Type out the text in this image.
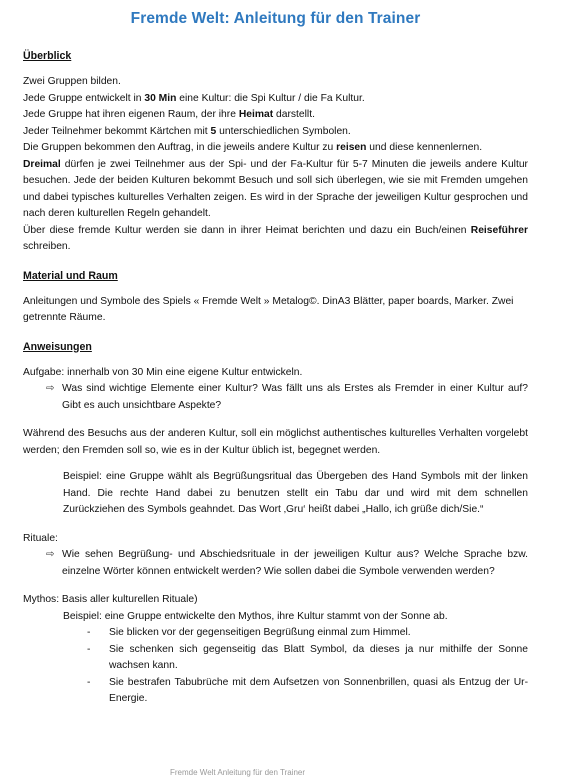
Fremde Welt: Anleitung für den Trainer
Überblick

Zwei Gruppen bilden.

Jede Gruppe entwickelt in 30 Min eine Kultur: die Spi Kultur / die Fa Kultur.

Jede Gruppe hat ihren eigenen Raum, der ihre Heimat darstellt.

Jeder Teilnehmer bekommt Kärtchen mit 5 unterschiedlichen Symbolen.

Die Gruppen bekommen den Auftrag, in die jeweils andere Kultur zu reisen und diese kennenlernen.

Dreimal dürfen je zwei Teilnehmer aus der Spi- und der Fa-Kultur für 5-7 Minuten die jeweils andere Kultur besuchen. Jede der beiden Kulturen bekommt Besuch und soll sich überlegen, wie sie mit Fremden umgehen und dabei typisches kulturelles Verhalten zeigen. Es wird in der Sprache der jeweiligen Kultur gesprochen und nach deren kulturellen Regeln gehandelt.

Über diese fremde Kultur werden sie dann in ihrer Heimat berichten und dazu ein Buch/einen Reiseführer schreiben.

Material und Raum

Anleitungen und Symbole des Spiels « Fremde Welt » Metalog©. DinA3 Blätter, paper boards, Marker. Zwei getrennte Räume.

Anweisungen

Aufgabe: innerhalb von 30 Min eine eigene Kultur entwickeln.

⇨ Was sind wichtige Elemente einer Kultur? Was fällt uns als Erstes als Fremder in einer Kultur auf? Gibt es auch unsichtbare Aspekte?

Während des Besuchs aus der anderen Kultur, soll ein möglichst authentisches kulturelles Verhalten vorgelebt werden; den Fremden soll so, wie es in der Kultur üblich ist, begegnet werden.

Beispiel: eine Gruppe wählt als Begrüßungsritual das Übergeben des Hand Symbols mit der linken Hand. Die rechte Hand dabei zu benutzen stellt ein Tabu dar und wird mit dem schnellen Zurückziehen des Symbols geahndet. Das Wort ‚Gru‘ heißt dabei „Hallo, ich grüße dich/Sie.“

Rituale:

⇨ Wie sehen Begrüßung- und Abschiedsrituale in der jeweiligen Kultur aus? Welche Sprache bzw. einzelne Wörter können entwickelt werden? Wie sollen dabei die Symbole verwenden werden?

Mythos: Basis aller kulturellen Rituale)

Beispiel: eine Gruppe entwickelte den Mythos, ihre Kultur stammt von der Sonne ab.

-	Sie blicken vor der gegenseitigen Begrüßung einmal zum Himmel.
-	Sie schenken sich gegenseitig das Blatt Symbol, da dieses ja nur mithilfe der Sonne wachsen kann.
-	Sie bestrafen Tabubrüche mit dem Aufsetzen von Sonnenbrillen, quasi als Entzug der Ur-Energie.
Fremde Welt Anleitung für den Trainer
